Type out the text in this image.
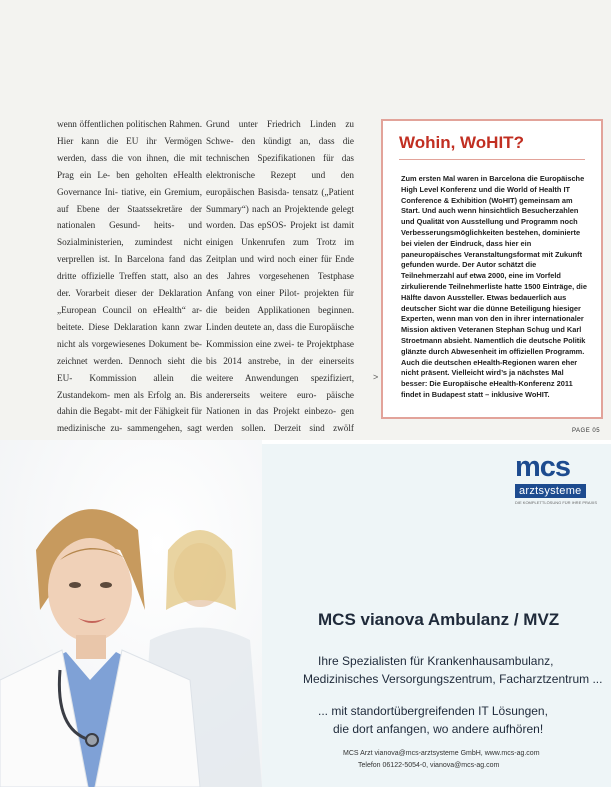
wenn öffentlichen politischen Rahmen. Hier kann die EU ihr Vermögen werden, dass die von ihnen, die mit Prag ein Le- ben geholten eHealth Governance Ini- tiative, ein Gremium, auf Ebene der Staatssekretäre der nationalen Gesund- heits- und Sozialministerien, zumindest nicht verprellen ist. In Barcelona fand das dritte offizielle Treffen statt, also an der. Vorarbeit dieser der Deklaration „European Council on eHealth“ ar- beitete. Diese Deklaration kann zwar nicht als vorgewiesenes Dokument be- zeichnet werden. Dennoch sieht die EU- Kommission allein die Zustandekom- men als Erfolg an. Bis dahin die Begabt- mit der Fähigkeit für medizinische zu- sammengehen, sagt

Grund unter Friedrich Linden zu Schwe- den kündigt an, dass die technischen Spezifikationen für das elektronische Rezept und den europäischen Basisda- tensatz („Patient Summary“) nach an Projektende gelegt worden. Das epSOS- Projekt ist damit einigen Unkenrufen zum Trotz im Zeitplan und wird noch einer für Ende des Jahres vorgesehenen Testphase Anfang von einer Pilot- projekten für die beiden Applikationen beginnen. Linden deutete an, dass die Europäische Kommission eine zwei- te Projektphase bis 2014 anstrebe, in der einerseits weitere Anwendungen spezifiziert, andererseits weitere euro- päische Nationen in das Projekt einbezo- gen werden sollen. Derzeit sind zwölf
>
Wohin, WoHIT?
Zum ersten Mal waren in Barcelona die Europäische High Level Konferenz und die World of Health IT Conference & Exhibition (WoHIT) gemeinsam am Start. Und auch wenn hinsichtlich Besucherzahlen und Qualität von Ausstellung und Programm noch Verbesserungsmöglichkeiten bestehen, dominierte bei vielen der Eindruck, dass hier ein paneuropäisches Veranstaltungsformat mit Zukunft gefunden wurde. Der Autor schätzt die Teilnehmerzahl auf etwa 2000, eine im Vorfeld zirkulierende Teilnehmerliste hatte 1500 Einträge, die Hälfte davon Aussteller. Etwas bedauerlich aus deutscher Sicht war die dünne Beteiligung hiesiger Experten, wenn man von den in ihrer internationaler Mission aktiven Veteranen Stephan Schug und Karl Stroetmann absieht. Namentlich die deutsche Politik glänzte durch Abwesenheit im offiziellen Programm. Auch die deutschen eHealth-Regionen waren eher nicht präsent. Vielleicht wird’s ja nächstes Mal besser: Die Europäische eHealth-Konferenz 2011 findet in Budapest statt – inklusive WoHIT.
PAGE 05
mcs
arztsysteme
DIE KOMPLETTLÖSUNG FÜR IHRE PRAXIS
MCS vianova Ambulanz / MVZ
Ihre Spezialisten für Krankenhausambulanz,
Medizinisches Versorgungszentrum, Facharztzentrum ...
... mit standortübergreifenden IT Lösungen,
die dort anfangen, wo andere aufhören!
MCS Arzt vianova@mcs-arztsysteme GmbH, www.mcs-ag.com
Telefon 06122-5054-0, vianova@mcs-ag.com
